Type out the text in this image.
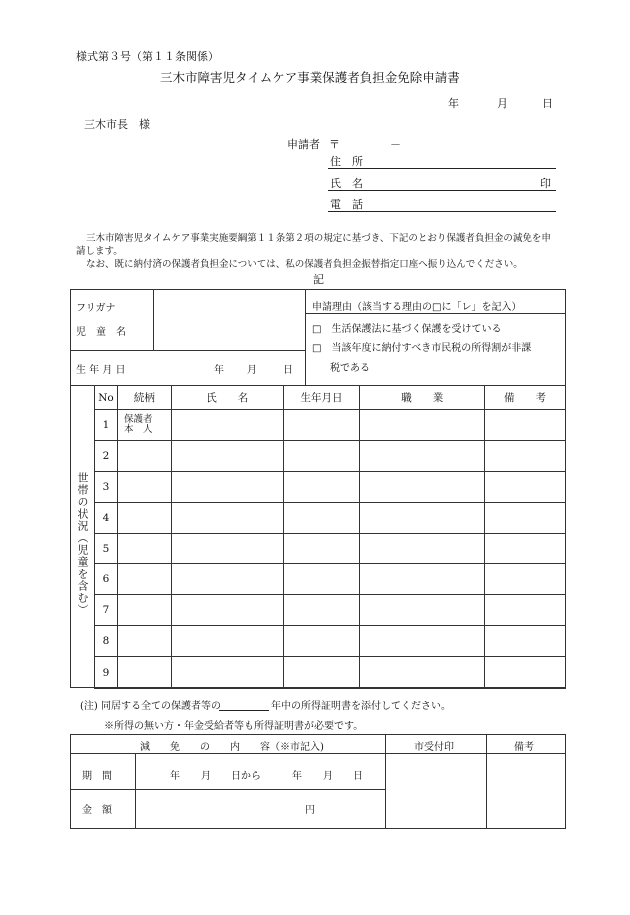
様式第３号（第１１条関係）
三木市障害児タイムケア事業保護者負担金免除申請書
年	月	日
三木市長　様
申請者 〒	－
住　所
氏　名	印
電　話
三木市障害児タイムケア事業実施要綱第１１条第２項の規定に基づき、下記のとおり保護者負担金の減免を申
請します。
なお、既に納付済の保護者負担金については、私の保護者負担金振替指定口座へ振り込んでください。
記
フリガナ
児　童　名
生 年 月 日	年 月	日
申請理由（該当する理由の□に「レ」を記入）
□　生活保護法に基づく保護を受けている
□　当該年度に納付すべき市民税の所得割が非課
税である
世帯の状況（児童を含む）
No	続柄	氏　　名	生年月日	職　　業	備　　考
1	保護者
本　人				

2					
3					
4					
5					
6					
7					
8					
9					
(注) 同居する全ての保護者等の	年中の所得証明書を添付してください。
※所得の無い方・年金受給者等も所得証明書が必要です。
減　　免　　の　　内　　容（※市記入)	市受付印	備考
期　間	年 月 日から	年 月 日
金　額	円
